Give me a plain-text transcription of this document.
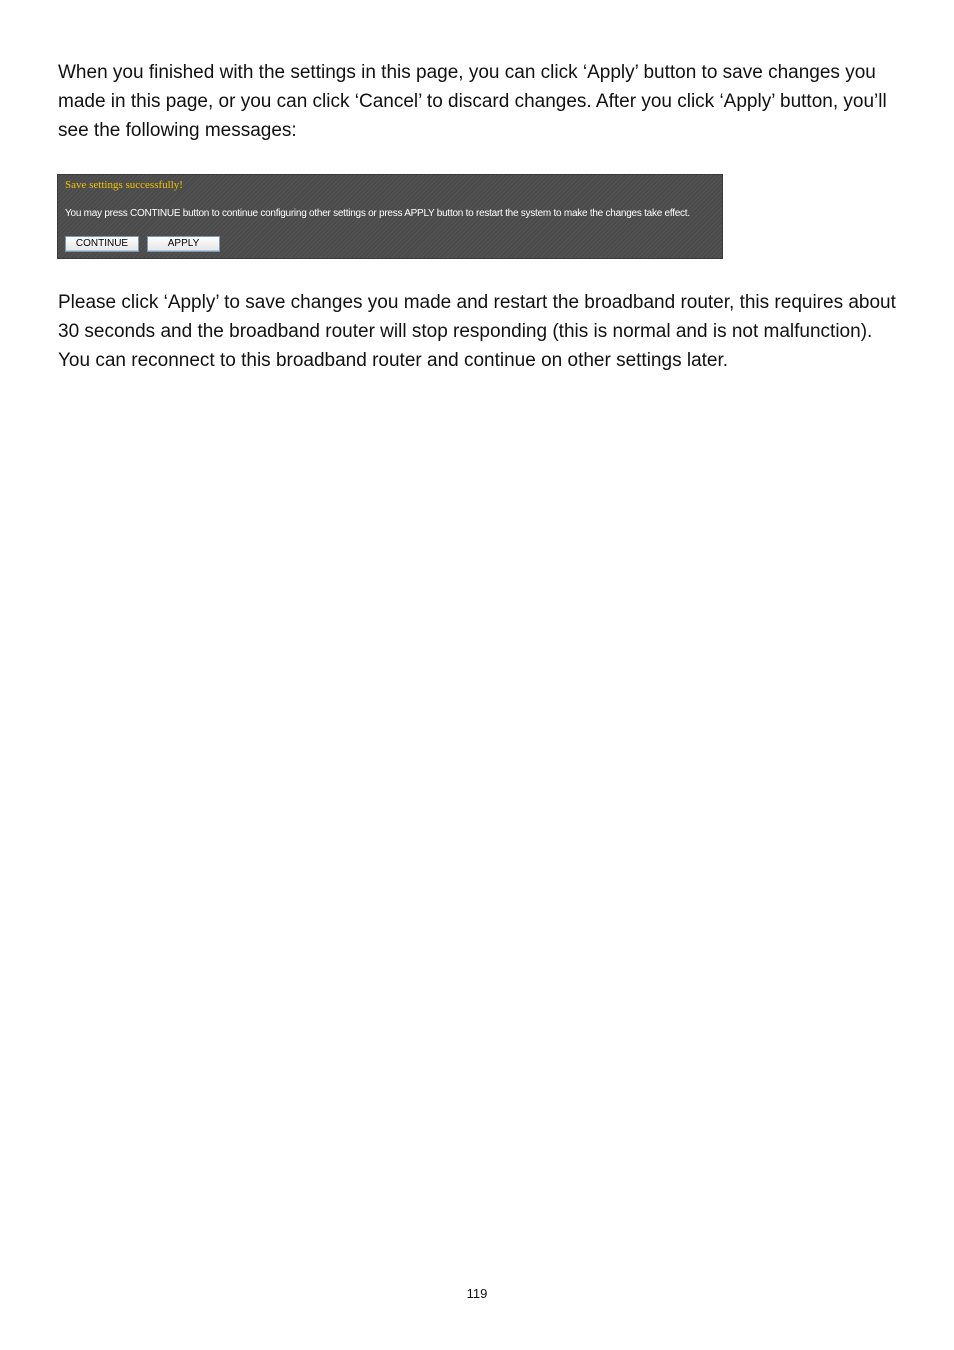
When you finished with the settings in this page, you can click ‘Apply’ button to save changes you made in this page, or you can click ‘Cancel’ to discard changes. After you click ‘Apply’ button, you’ll see the following messages:

Save settings successfully!
You may press CONTINUE button to continue configuring other settings or press APPLY button to restart the system to make the changes take effect.
CONTINUE	APPLY

Please click ‘Apply’ to save changes you made and restart the broadband router, this requires about 30 seconds and the broadband router will stop responding (this is normal and is not malfunction). You can reconnect to this broadband router and continue on other settings later.

119
